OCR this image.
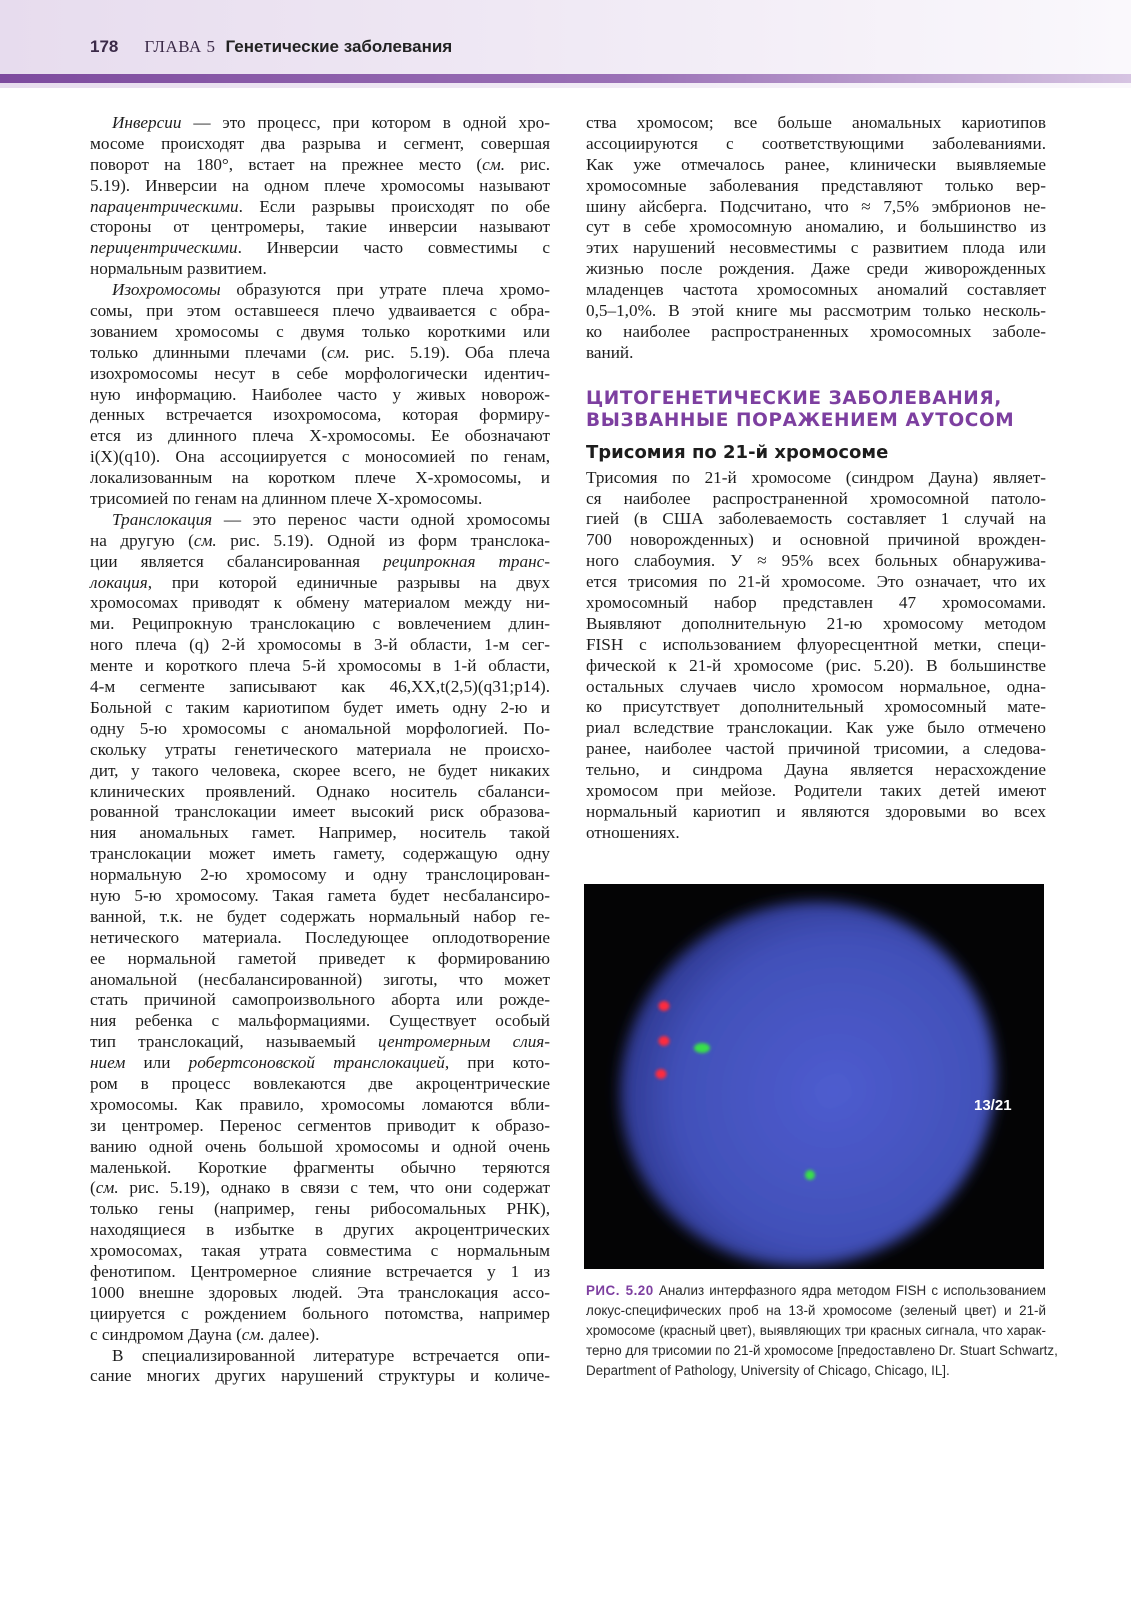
178 ГЛАВА 5 Генетические заболевания
Инверсии — это процесс, при котором в одной хро-
мосоме происходят два разрыва и сегмент, совершая
поворот на 180°, встает на прежнее место (см. рис.
5.19). Инверсии на одном плече хромосомы называют
парацентрическими. Если разрывы происходят по обе
стороны от центромеры, такие инверсии называют
перицентрическими. Инверсии часто совместимы с
нормальным развитием.
Изохромосомы образуются при утрате плеча хромо-
сомы, при этом оставшееся плечо удваивается с обра-
зованием хромосомы с двумя только короткими или
только длинными плечами (см. рис. 5.19). Оба плеча
изохромосомы несут в себе морфологически идентич-
ную информацию. Наиболее часто у живых новорож-
денных встречается изохромосома, которая формиру-
ется из длинного плеча X-хромосомы. Ее обозначают
i(X)(q10). Она ассоциируется с моносомией по генам,
локализованным на коротком плече X-хромосомы, и
трисомией по генам на длинном плече X-хромосомы.
Транслокация — это перенос части одной хромосомы
на другую (см. рис. 5.19). Одной из форм транслока-
ции является сбалансированная реципрокная транс-
локация, при которой единичные разрывы на двух
хромосомах приводят к обмену материалом между ни-
ми. Реципрокную транслокацию с вовлечением длин-
ного плеча (q) 2-й хромосомы в 3-й области, 1-м сег-
менте и короткого плеча 5-й хромосомы в 1-й области,
4-м сегменте записывают как 46,XX,t(2,5)(q31;p14).
Больной с таким кариотипом будет иметь одну 2-ю и
одну 5-ю хромосомы с аномальной морфологией. По-
скольку утраты генетического материала не происхо-
дит, у такого человека, скорее всего, не будет никаких
клинических проявлений. Однако носитель сбаланси-
рованной транслокации имеет высокий риск образова-
ния аномальных гамет. Например, носитель такой
транслокации может иметь гамету, содержащую одну
нормальную 2-ю хромосому и одну транслоцирован-
ную 5-ю хромосому. Такая гамета будет несбалансиро-
ванной, т.к. не будет содержать нормальный набор ге-
нетического материала. Последующее оплодотворение
ее нормальной гаметой приведет к формированию
аномальной (несбалансированной) зиготы, что может
стать причиной самопроизвольного аборта или рожде-
ния ребенка с мальформациями. Существует особый
тип транслокаций, называемый центромерным слия-
нием или робертсоновской транслокацией, при кото-
ром в процесс вовлекаются две акроцентрические
хромосомы. Как правило, хромосомы ломаются вбли-
зи центромер. Перенос сегментов приводит к образо-
ванию одной очень большой хромосомы и одной очень
маленькой. Короткие фрагменты обычно теряются
(см. рис. 5.19), однако в связи с тем, что они содержат
только гены (например, гены рибосомальных РНК),
находящиеся в избытке в других акроцентрических
хромосомах, такая утрата совместима с нормальным
фенотипом. Центромерное слияние встречается у 1 из
1000 внешне здоровых людей. Эта транслокация ассо-
циируется с рождением больного потомства, например
с синдромом Дауна (см. далее).
В специализированной литературе встречается опи-
сание многих других нарушений структуры и количе-
ства хромосом; все больше аномальных кариотипов
ассоциируются с соответствующими заболеваниями.
Как уже отмечалось ранее, клинически выявляемые
хромосомные заболевания представляют только вер-
шину айсберга. Подсчитано, что ≈ 7,5% эмбрионов не-
сут в себе хромосомную аномалию, и большинство из
этих нарушений несовместимы с развитием плода или
жизнью после рождения. Даже среди живорожденных
младенцев частота хромосомных аномалий составляет
0,5–1,0%. В этой книге мы рассмотрим только несколь-
ко наиболее распространенных хромосомных заболе-
ваний.
ЦИТОГЕНЕТИЧЕСКИЕ ЗАБОЛЕВАНИЯ,
ВЫЗВАННЫЕ ПОРАЖЕНИЕМ АУТОСОМ
Трисомия по 21-й хромосоме
Трисомия по 21-й хромосоме (синдром Дауна) являет-
ся наиболее распространенной хромосомной патоло-
гией (в США заболеваемость составляет 1 случай на
700 новорожденных) и основной причиной врожден-
ного слабоумия. У ≈ 95% всех больных обнаружива-
ется трисомия по 21-й хромосоме. Это означает, что их
хромосомный набор представлен 47 хромосомами.
Выявляют дополнительную 21-ю хромосому методом
FISH с использованием флуоресцентной метки, специ-
фической к 21-й хромосоме (рис. 5.20). В большинстве
остальных случаев число хромосом нормальное, одна-
ко присутствует дополнительный хромосомный мате-
риал вследствие транслокации. Как уже было отмечено
ранее, наиболее частой причиной трисомии, а следова-
тельно, и синдрома Дауна является нерасхождение
хромосом при мейозе. Родители таких детей имеют
нормальный кариотип и являются здоровыми во всех
отношениях.
13/21
РИС. 5.20 Анализ интерфазного ядра методом FISH с использованием
локус-специфических проб на 13-й хромосоме (зеленый цвет) и 21-й
хромосоме (красный цвет), выявляющих три красных сигнала, что харак-
терно для трисомии по 21-й хромосоме [предоставлено Dr. Stuart Schwartz,
Department of Pathology, University of Chicago, Chicago, IL].
